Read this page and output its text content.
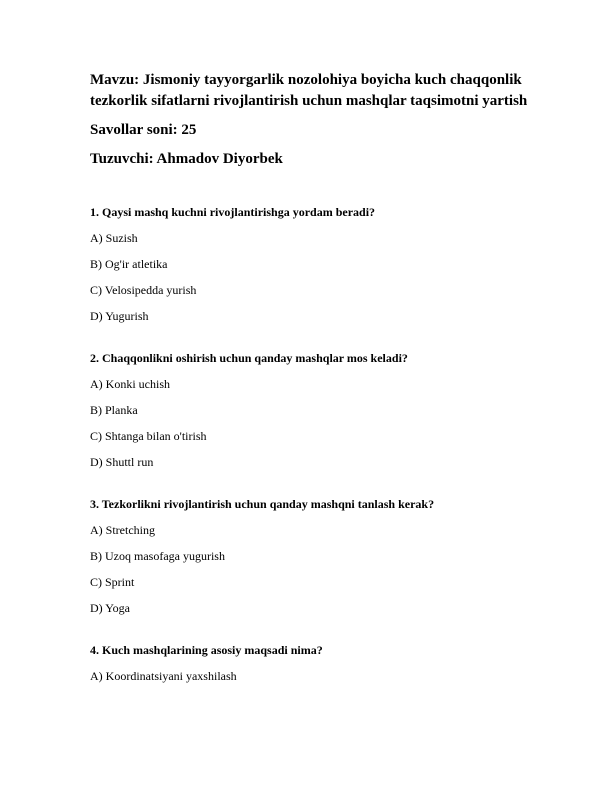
Mavzu: Jismoniy tayyorgarlik nozolohiya boyicha kuch chaqqonlik

tezkorlik sifatlarni rivojlantirish uchun mashqlar taqsimotni yartish

Savollar soni: 25

Tuzuvchi: Ahmadov Diyorbek

1. Qaysi mashq kuchni rivojlantirishga yordam beradi?

A) Suzish

B) Og'ir atletika

C) Velosipedda yurish

D) Yugurish

2. Chaqqonlikni oshirish uchun qanday mashqlar mos keladi?

A) Konki uchish

B) Planka

C) Shtanga bilan o'tirish

D) Shuttl run

3. Tezkorlikni rivojlantirish uchun qanday mashqni tanlash kerak?

A) Stretching

B) Uzoq masofaga yugurish

C) Sprint

D) Yoga

4. Kuch mashqlarining asosiy maqsadi nima?

A) Koordinatsiyani yaxshilash
